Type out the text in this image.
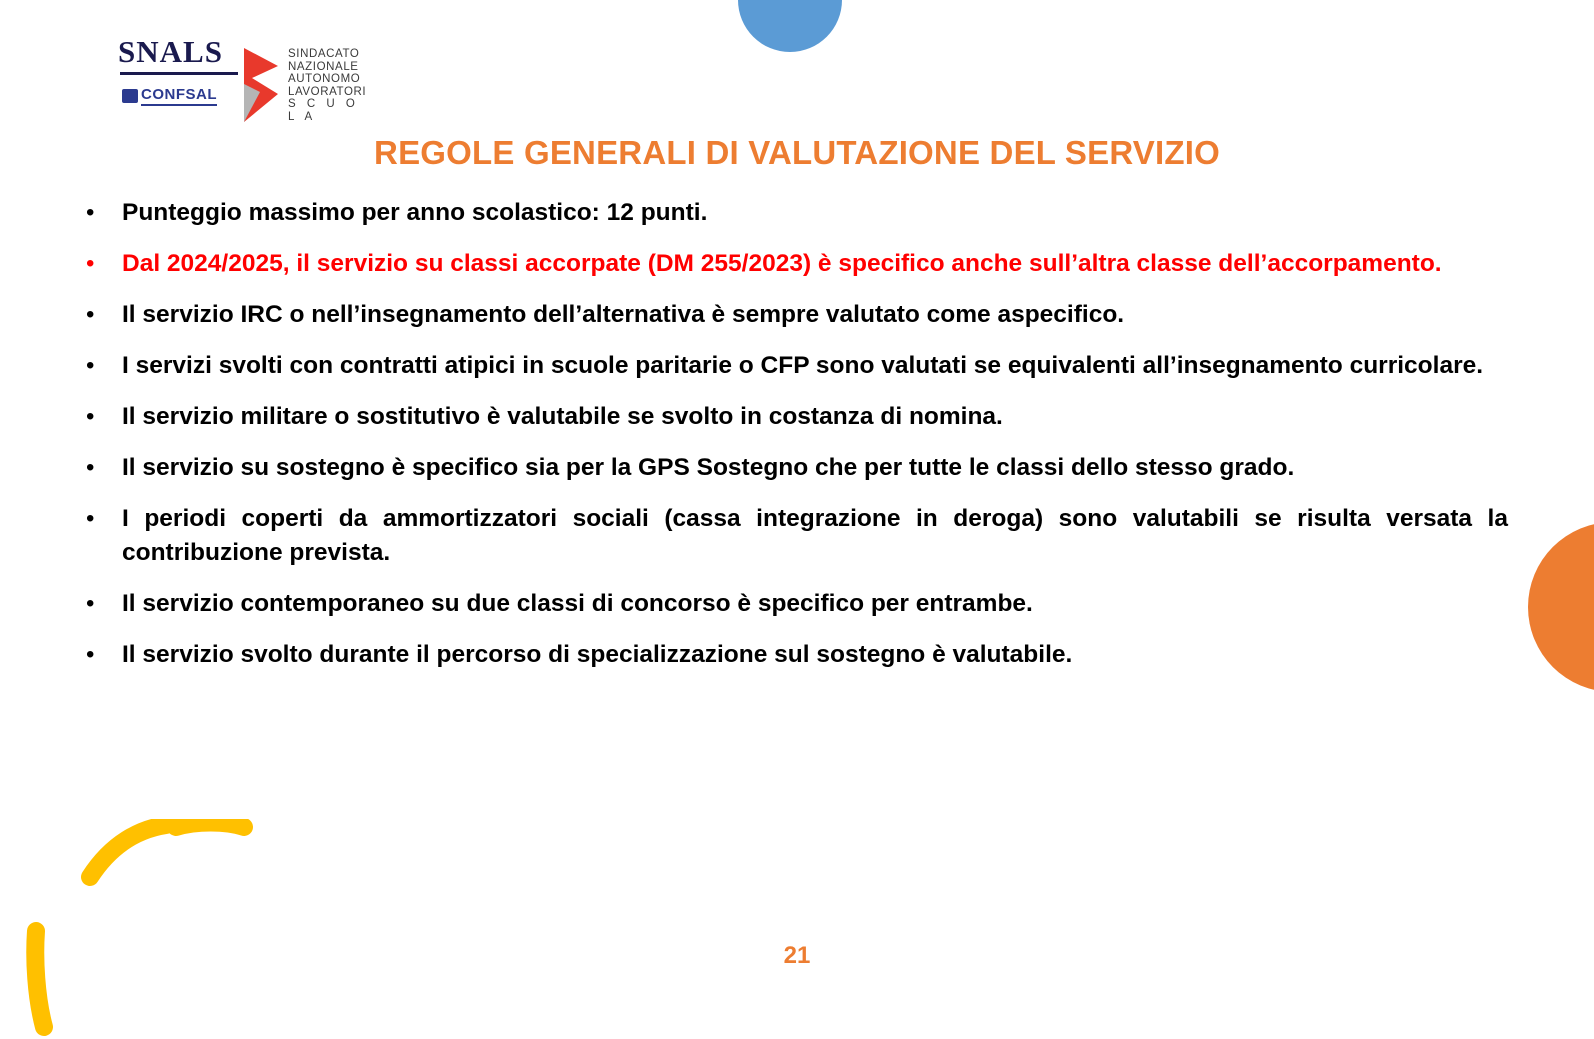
SNALS
CONFSAL
SINDACATO
NAZIONALE
AUTONOMO
LAVORATORI
S C U O L A
REGOLE GENERALI DI VALUTAZIONE DEL SERVIZIO
•	Punteggio massimo per anno scolastico: 12 punti.
•	Dal 2024/2025, il servizio su classi accorpate (DM 255/2023) è specifico anche sull’altra classe dell’accorpamento.
•	Il servizio IRC o nell’insegnamento dell’alternativa è sempre valutato come aspecifico.
•	I servizi svolti con contratti atipici in scuole paritarie o CFP sono valutati se equivalenti all’insegnamento curricolare.
•	Il servizio militare o sostitutivo è valutabile se svolto in costanza di nomina.
•	Il servizio su sostegno è specifico sia per la GPS Sostegno che per tutte le classi dello stesso grado.
•	I periodi coperti da ammortizzatori sociali (cassa integrazione in deroga) sono valutabili se risulta versata la contribuzione prevista.
•	Il servizio contemporaneo su due classi di concorso è specifico per entrambe.
•	Il servizio svolto durante il percorso di specializzazione sul sostegno è valutabile.
21
